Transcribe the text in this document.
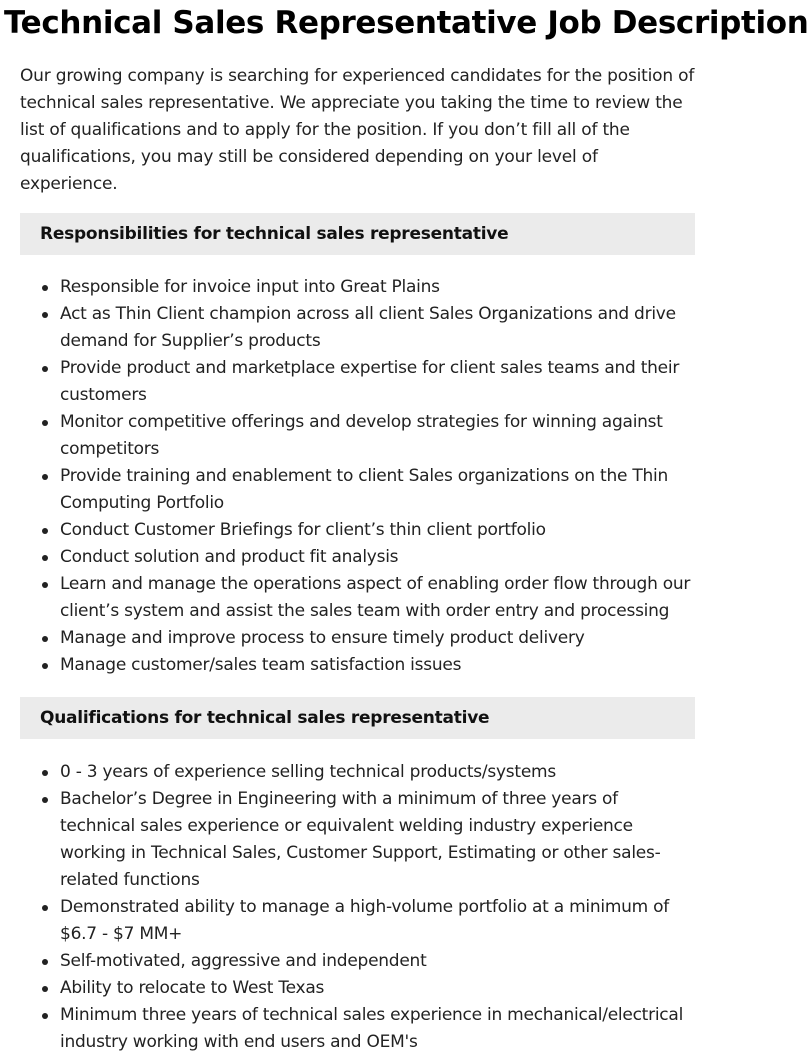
Technical Sales Representative Job Description

Our growing company is searching for experienced candidates for the position of technical sales representative. We appreciate you taking the time to review the list of qualifications and to apply for the position. If you don’t fill all of the qualifications, you may still be considered depending on your level of experience.

Responsibilities for technical sales representative
Responsible for invoice input into Great Plains
Act as Thin Client champion across all client Sales Organizations and drive demand for Supplier’s products
Provide product and marketplace expertise for client sales teams and their customers
Monitor competitive offerings and develop strategies for winning against competitors
Provide training and enablement to client Sales organizations on the Thin Computing Portfolio
Conduct Customer Briefings for client’s thin client portfolio
Conduct solution and product fit analysis
Learn and manage the operations aspect of enabling order flow through our client’s system and assist the sales team with order entry and processing
Manage and improve process to ensure timely product delivery
Manage customer/sales team satisfaction issues
Qualifications for technical sales representative
0 - 3 years of experience selling technical products/systems
Bachelor’s Degree in Engineering with a minimum of three years of technical sales experience or equivalent welding industry experience working in Technical Sales, Customer Support, Estimating or other sales-related functions
Demonstrated ability to manage a high-volume portfolio at a minimum of $6.7 - $7 MM+
Self-motivated, aggressive and independent
Ability to relocate to West Texas
Minimum three years of technical sales experience in mechanical/electrical industry working with end users and OEM's
